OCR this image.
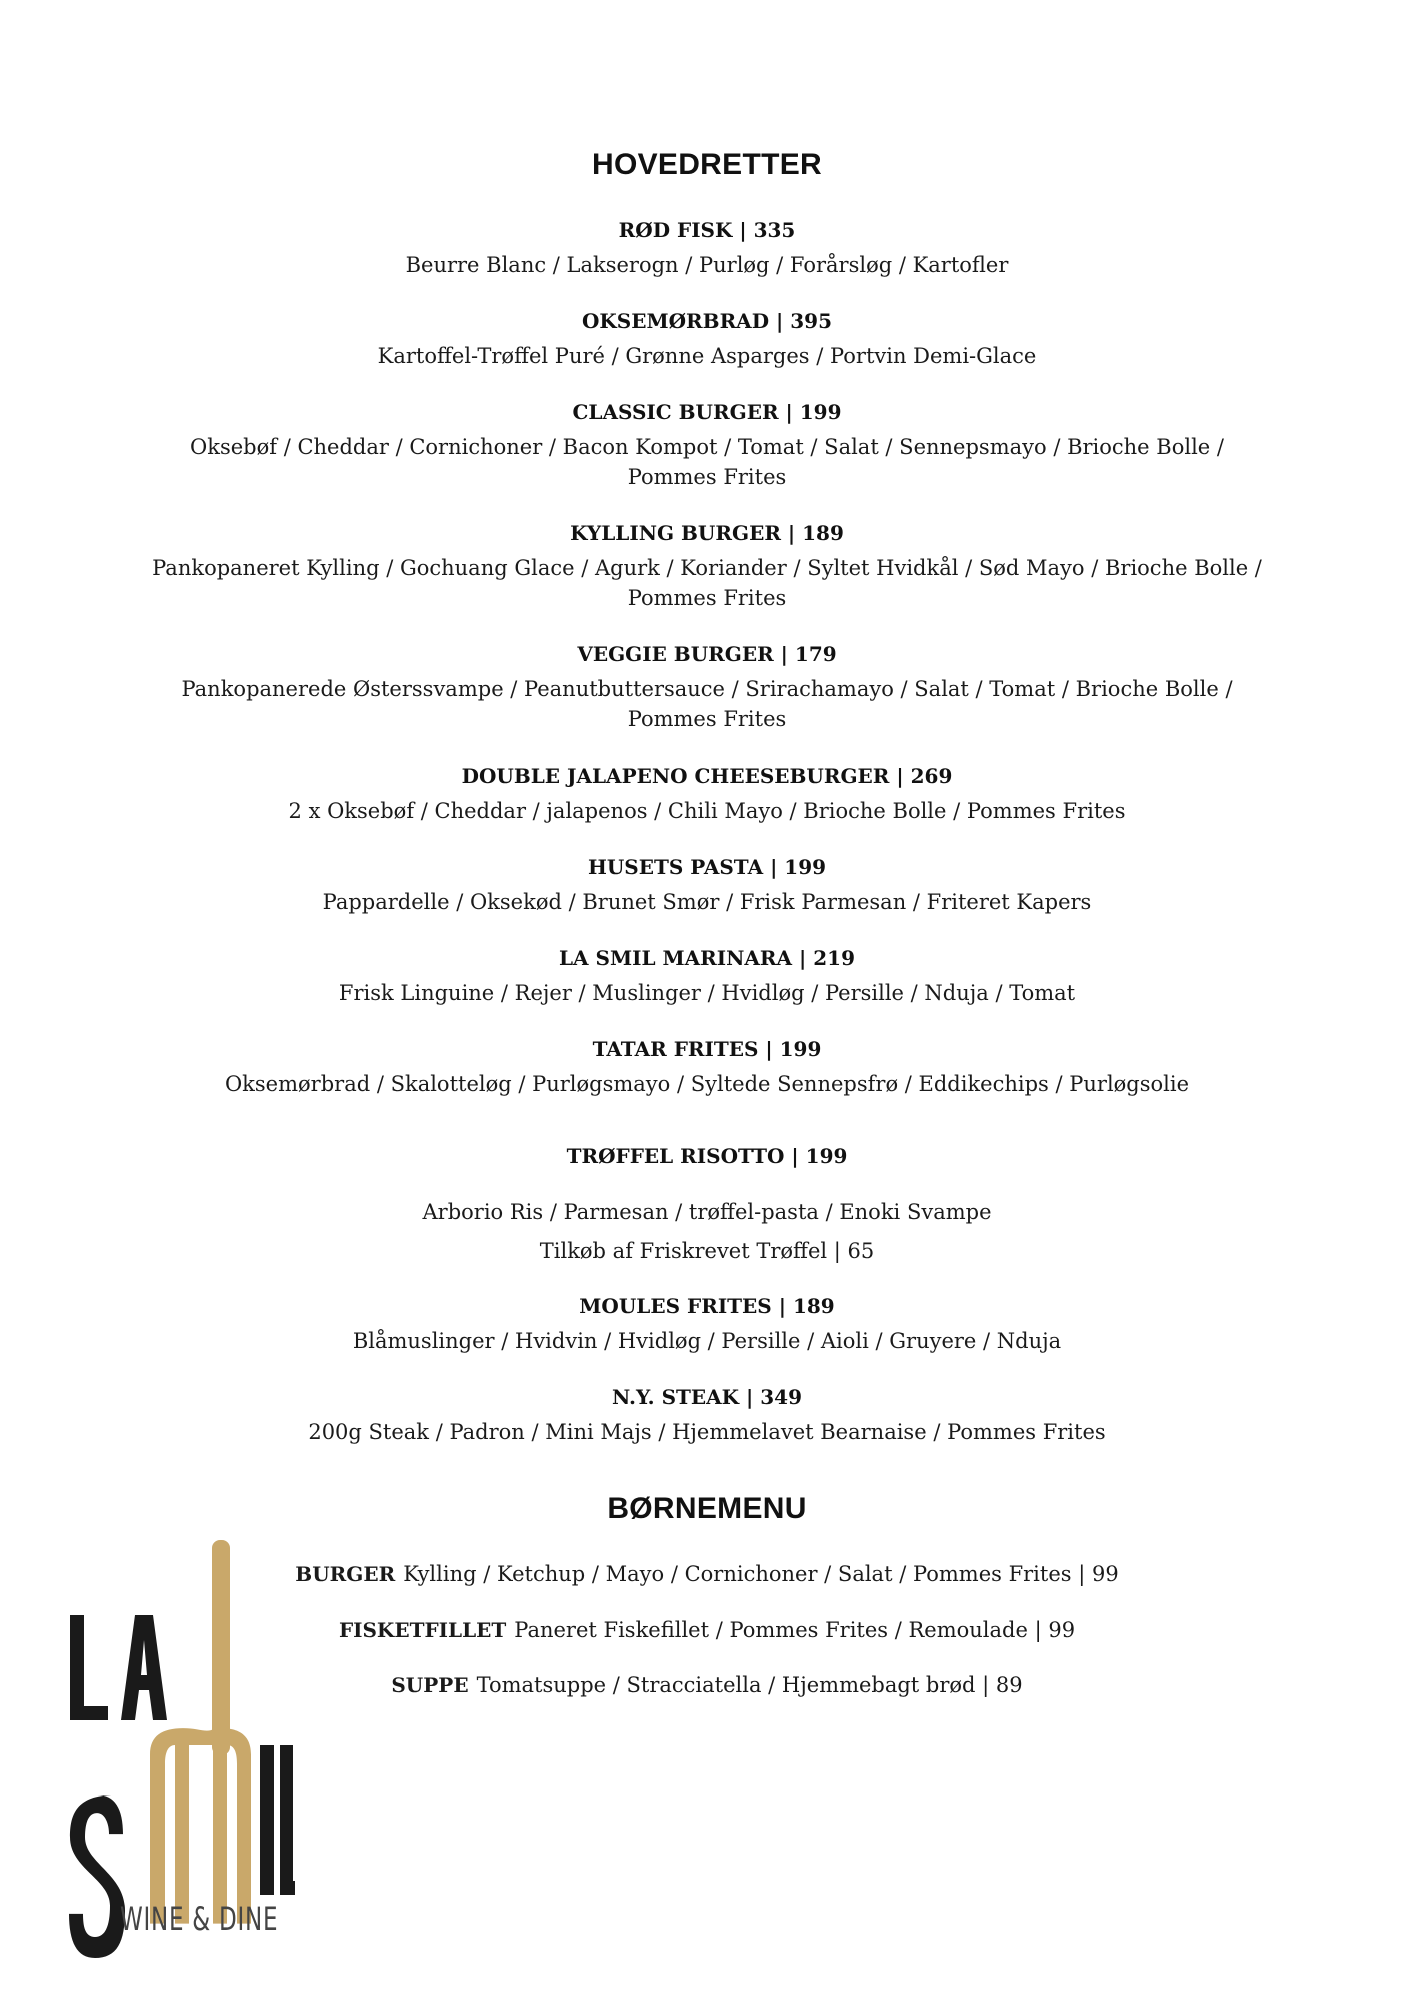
HOVEDRETTER
RØD FISK | 335
Beurre Blanc / Lakserogn / Purløg / Forårsløg / Kartofler
OKSEMØRBRAD | 395
Kartoffel-Trøffel Puré / Grønne Asparges / Portvin Demi-Glace
CLASSIC BURGER | 199
Oksebøf / Cheddar / Cornichoner / Bacon Kompot / Tomat / Salat / Sennepsmayo / Brioche Bolle / Pommes Frites
KYLLING BURGER | 189
Pankopaneret Kylling / Gochuang Glace / Agurk / Koriander / Syltet Hvidkål / Sød Mayo / Brioche Bolle / Pommes Frites
VEGGIE BURGER | 179
Pankopanerede Østerssvampe / Peanutbuttersauce / Srirachamayo / Salat / Tomat / Brioche Bolle / Pommes Frites
DOUBLE JALAPENO CHEESEBURGER | 269
2 x Oksebøf / Cheddar / jalapenos / Chili Mayo / Brioche Bolle / Pommes Frites
HUSETS PASTA | 199
Pappardelle / Oksekød / Brunet Smør / Frisk Parmesan / Friteret Kapers
LA SMIL MARINARA | 219
Frisk Linguine / Rejer / Muslinger / Hvidløg / Persille / Nduja / Tomat
TATAR FRITES | 199
Oksemørbrad / Skalotteløg / Purløgsmayo / Syltede Sennepsfrø / Eddikechips / Purløgsolie
TRØFFEL RISOTTO | 199
Arborio Ris / Parmesan / trøffel-pasta / Enoki Svampe
Tilkøb af Friskrevet Trøffel | 65
MOULES FRITES | 189
Blåmuslinger / Hvidvin / Hvidløg / Persille / Aioli / Gruyere / Nduja
N.Y. STEAK | 349
200g Steak / Padron / Mini Majs / Hjemmelavet Bearnaise / Pommes Frites
BØRNEMENU
BURGER Kylling / Ketchup / Mayo / Cornichoner / Salat / Pommes Frites | 99
FISKETFILLET Paneret Fiskefillet / Pommes Frites / Remoulade | 99
SUPPE Tomatsuppe / Stracciatella / Hjemmebagt brød | 89
WINE & DINE
